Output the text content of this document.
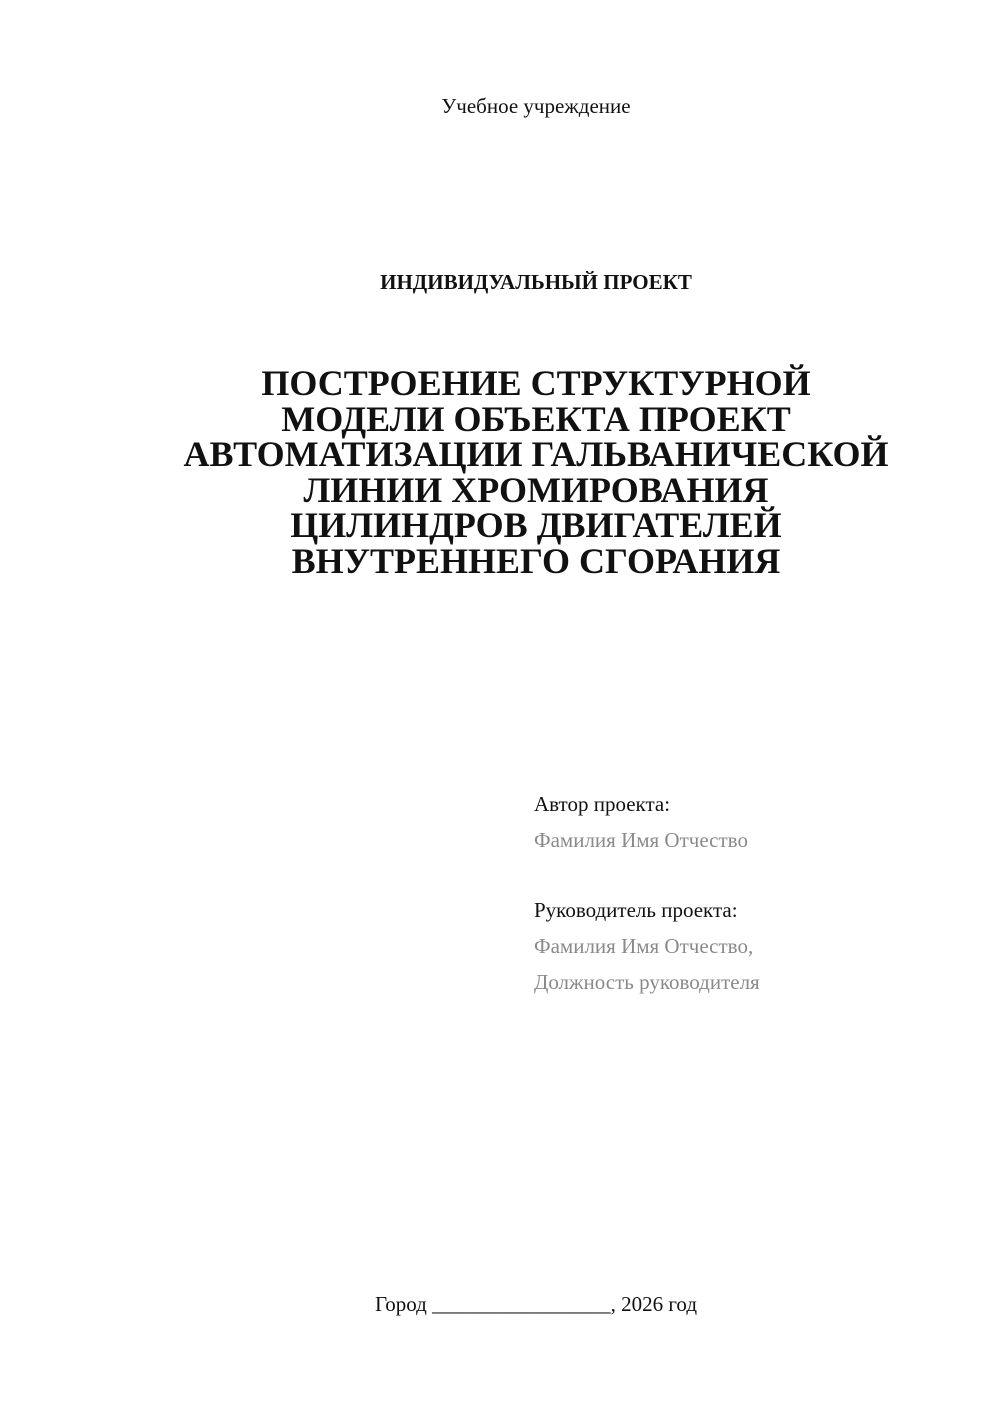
Учебное учреждение
ИНДИВИДУАЛЬНЫЙ ПРОЕКТ
ПОСТРОЕНИЕ СТРУКТУРНОЙ
МОДЕЛИ ОБЪЕКТА ПРОЕКТ
АВТОМАТИЗАЦИИ ГАЛЬВАНИЧЕСКОЙ
ЛИНИИ ХРОМИРОВАНИЯ
ЦИЛИНДРОВ ДВИГАТЕЛЕЙ
ВНУТРЕННЕГО СГОРАНИЯ
Автор проекта:
Фамилия Имя Отчество
Руководитель проекта:
Фамилия Имя Отчество,
Должность руководителя
Город _________________, 2026 год
